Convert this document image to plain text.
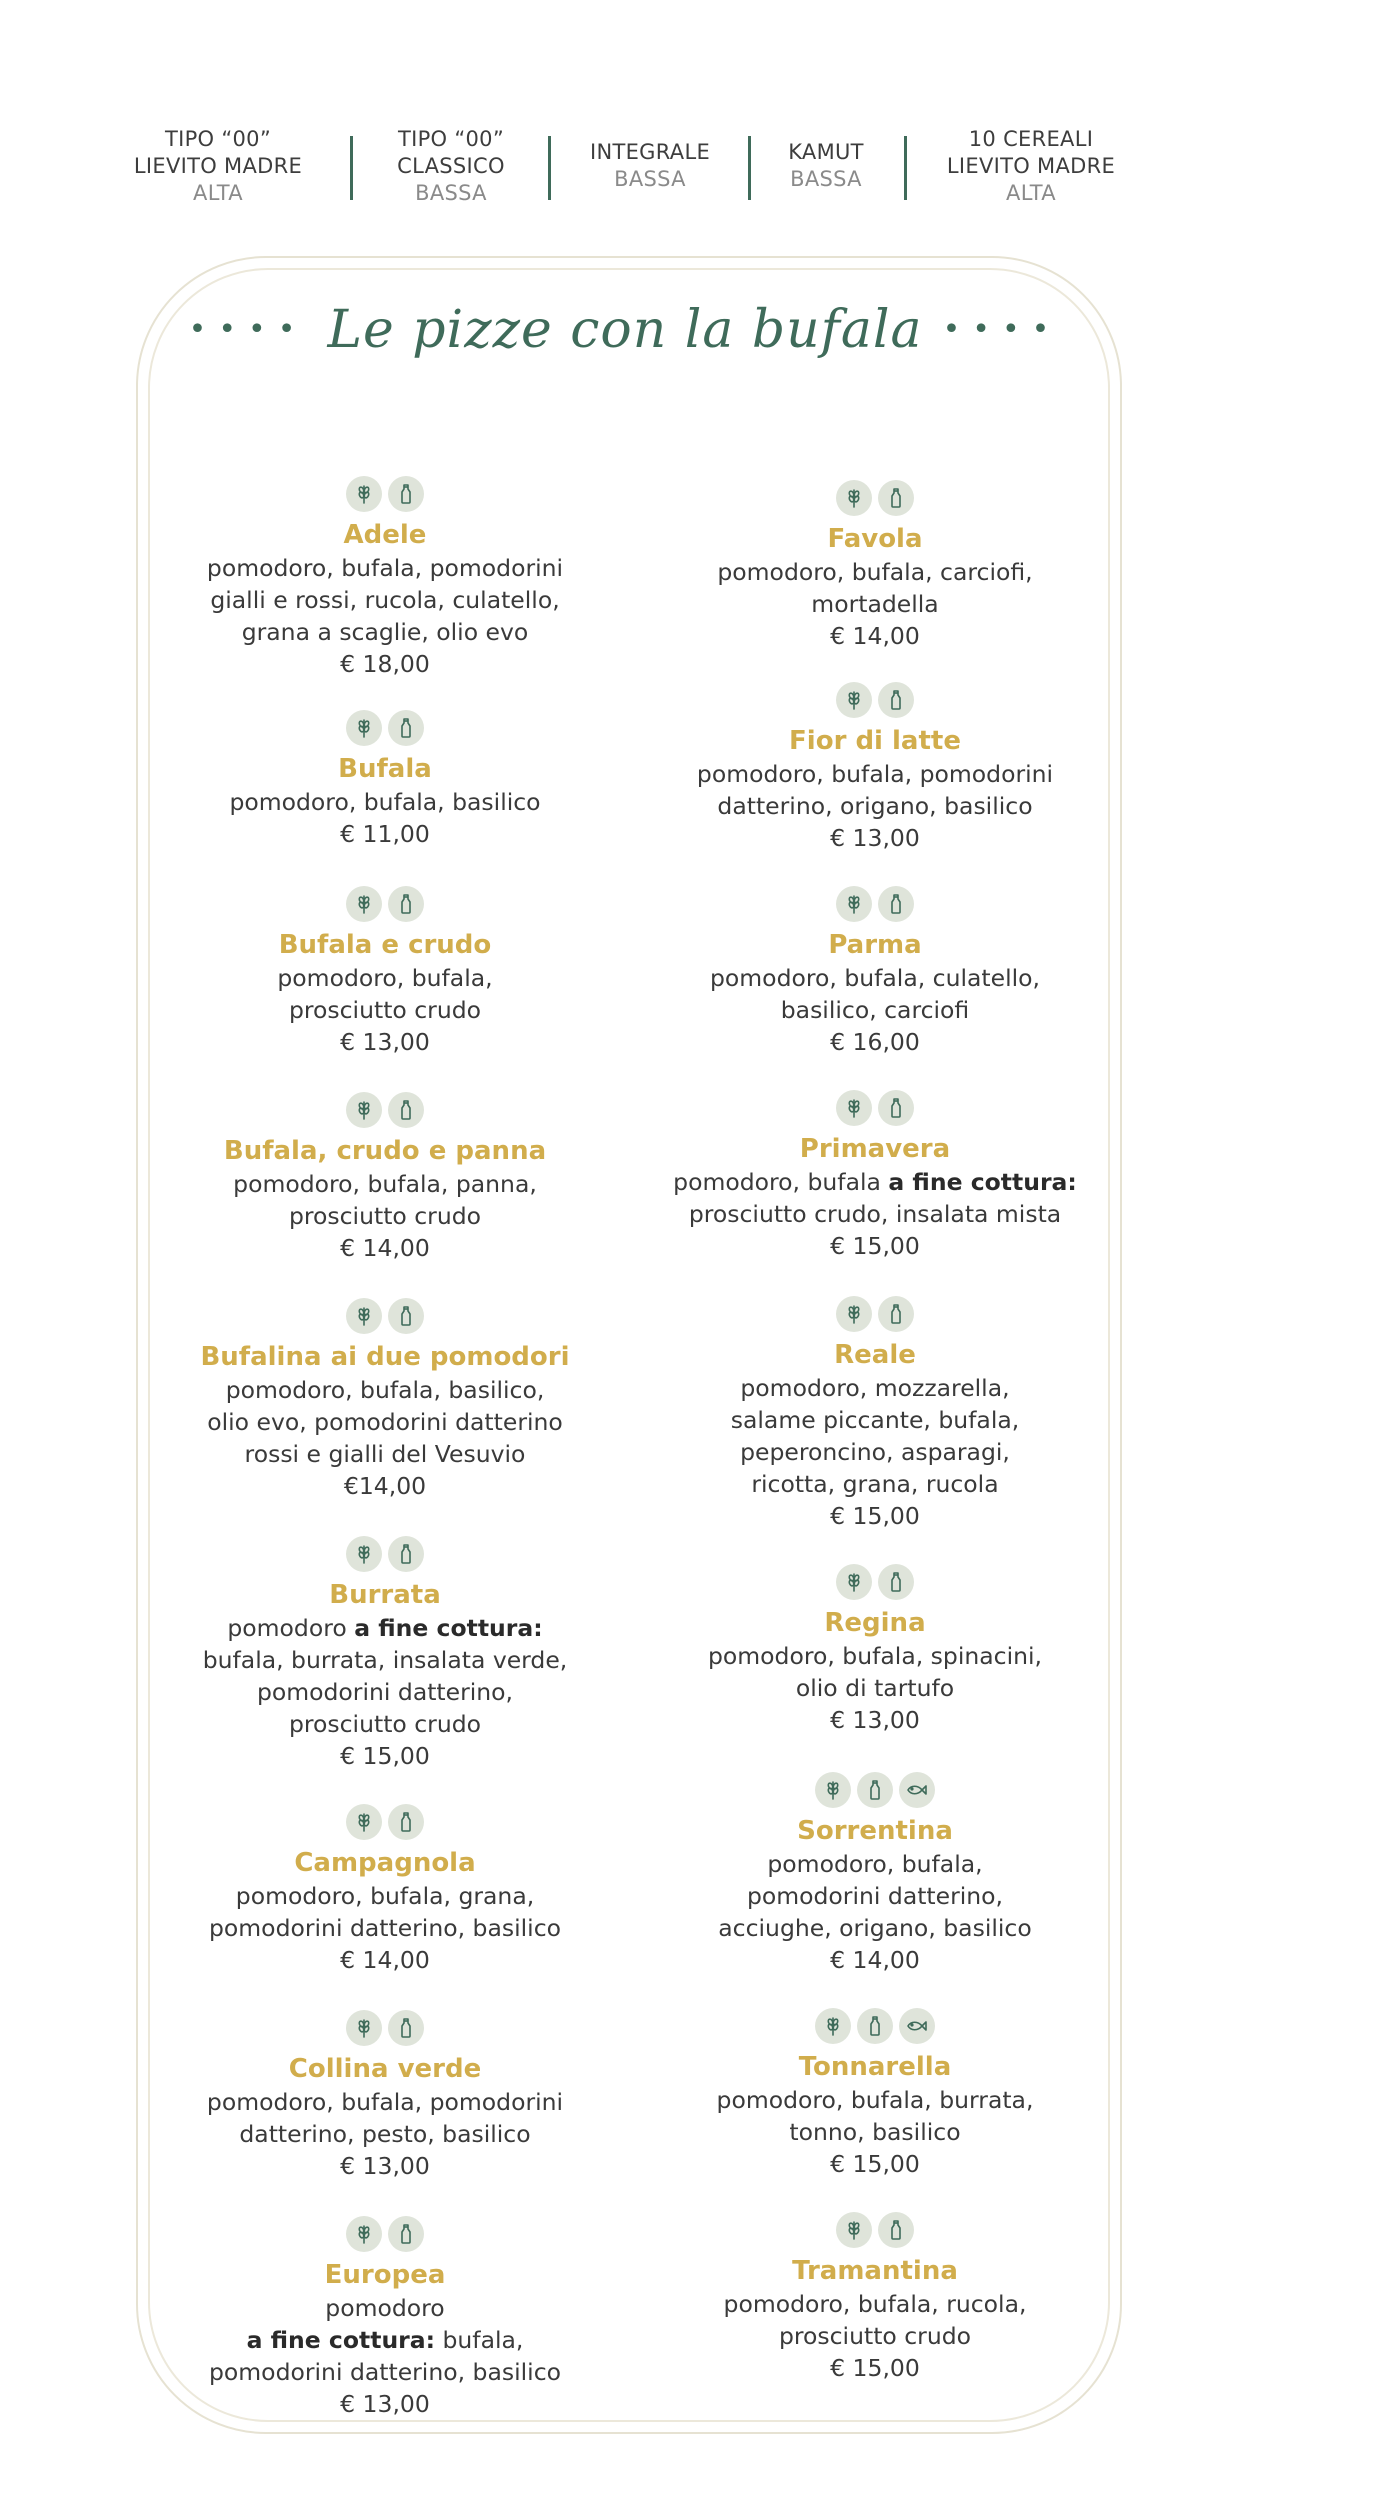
TIPO “00”
LIEVITO MADRE
ALTA
TIPO “00”
CLASSICO
BASSA
INTEGRALE
BASSA
KAMUT
BASSA
10 CEREALI
LIEVITO MADRE
ALTA
•••• Le pizze con la bufala ••••
Adele
pomodoro, bufala, pomodorini
gialli e rossi, rucola, culatello,
grana a scaglie, olio evo
€ 18,00
Bufala
pomodoro, bufala, basilico
€ 11,00
Bufala e crudo
pomodoro, bufala,
prosciutto crudo
€ 13,00
Bufala, crudo e panna
pomodoro, bufala, panna,
prosciutto crudo
€ 14,00
Bufalina ai due pomodori
pomodoro, bufala, basilico,
olio evo, pomodorini datterino
rossi e gialli del Vesuvio
€14,00
Burrata
pomodoro a fine cottura:
bufala, burrata, insalata verde,
pomodorini datterino,
prosciutto crudo
€ 15,00
Campagnola
pomodoro, bufala, grana,
pomodorini datterino, basilico
€ 14,00
Collina verde
pomodoro, bufala, pomodorini
datterino, pesto, basilico
€ 13,00
Europea
pomodoro
a fine cottura: bufala,
pomodorini datterino, basilico
€ 13,00
Favola
pomodoro, bufala, carciofi,
mortadella
€ 14,00
Fior di latte
pomodoro, bufala, pomodorini
datterino, origano, basilico
€ 13,00
Parma
pomodoro, bufala, culatello,
basilico, carciofi
€ 16,00
Primavera
pomodoro, bufala a fine cottura:
prosciutto crudo, insalata mista
€ 15,00
Reale
pomodoro, mozzarella,
salame piccante, bufala,
peperoncino, asparagi,
ricotta, grana, rucola
€ 15,00
Regina
pomodoro, bufala, spinacini,
olio di tartufo
€ 13,00
Sorrentina
pomodoro, bufala,
pomodorini datterino,
acciughe, origano, basilico
€ 14,00
Tonnarella
pomodoro, bufala, burrata,
tonno, basilico
€ 15,00
Tramantina
pomodoro, bufala, rucola,
prosciutto crudo
€ 15,00
